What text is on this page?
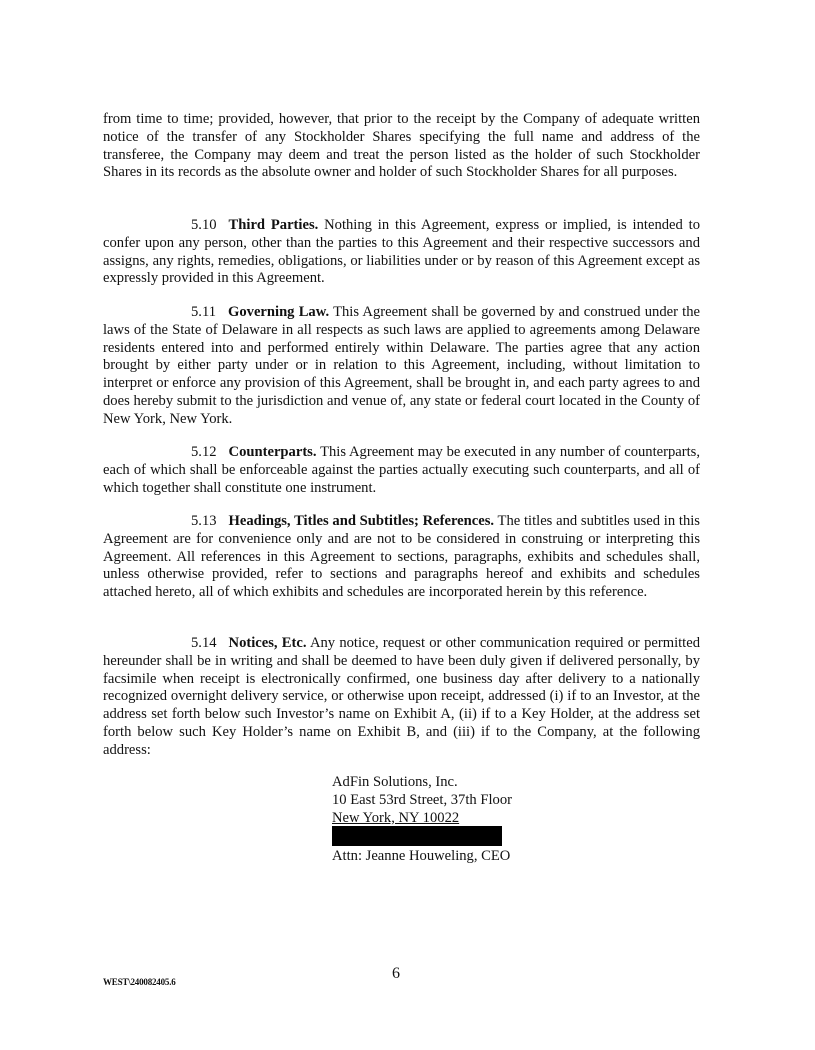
from time to time; provided, however, that prior to the receipt by the Company of adequate written notice of the transfer of any Stockholder Shares specifying the full name and address of the transferee, the Company may deem and treat the person listed as the holder of such Stockholder Shares in its records as the absolute owner and holder of such Stockholder Shares for all purposes.

5.10 Third Parties. Nothing in this Agreement, express or implied, is intended to confer upon any person, other than the parties to this Agreement and their respective successors and assigns, any rights, remedies, obligations, or liabilities under or by reason of this Agreement except as expressly provided in this Agreement.

5.11 Governing Law. This Agreement shall be governed by and construed under the laws of the State of Delaware in all respects as such laws are applied to agreements among Delaware residents entered into and performed entirely within Delaware. The parties agree that any action brought by either party under or in relation to this Agreement, including, without limitation to interpret or enforce any provision of this Agreement, shall be brought in, and each party agrees to and does hereby submit to the jurisdiction and venue of, any state or federal court located in the County of New York, New York.

5.12 Counterparts. This Agreement may be executed in any number of counterparts, each of which shall be enforceable against the parties actually executing such counterparts, and all of which together shall constitute one instrument.

5.13 Headings, Titles and Subtitles; References. The titles and subtitles used in this Agreement are for convenience only and are not to be considered in construing or interpreting this Agreement. All references in this Agreement to sections, paragraphs, exhibits and schedules shall, unless otherwise provided, refer to sections and paragraphs hereof and exhibits and schedules attached hereto, all of which exhibits and schedules are incorporated herein by this reference.

5.14 Notices, Etc. Any notice, request or other communication required or permitted hereunder shall be in writing and shall be deemed to have been duly given if delivered personally, by facsimile when receipt is electronically confirmed, one business day after delivery to a nationally recognized overnight delivery service, or otherwise upon receipt, addressed (i) if to an Investor, at the address set forth below such Investor’s name on Exhibit A, (ii) if to a Key Holder, at the address set forth below such Key Holder’s name on Exhibit B, and (iii) if to the Company, at the following address:

AdFin Solutions, Inc.
10 East 53rd Street, 37th Floor
New York, NY 10022
Attn: Jeanne Houweling, CEO
6
WEST\240082405.6
